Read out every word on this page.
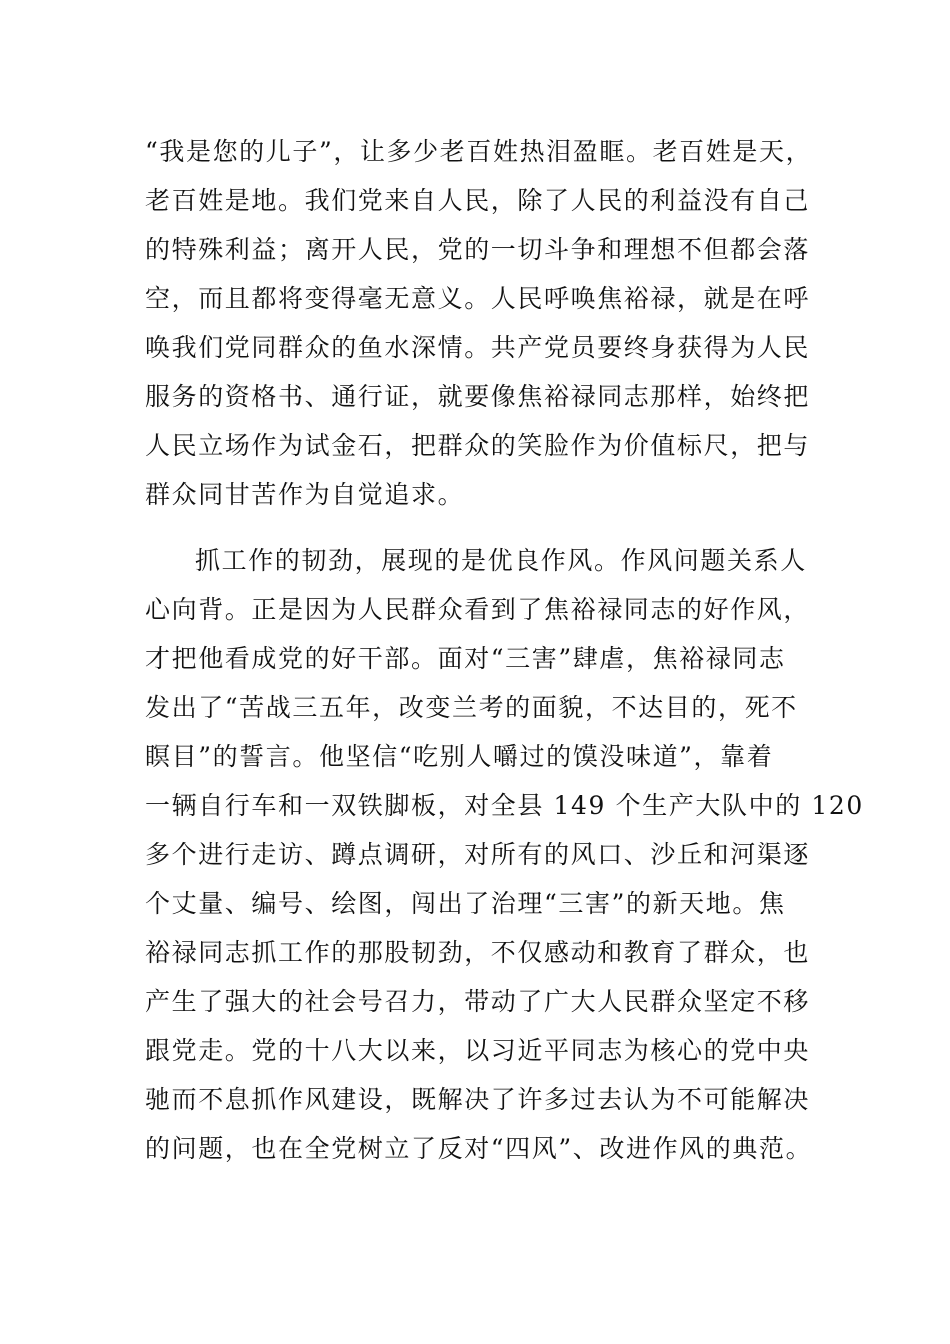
“我是您的儿子”，让多少老百姓热泪盈眶。老百姓是天，
老百姓是地。我们党来自人民，除了人民的利益没有自己
的特殊利益；离开人民，党的一切斗争和理想不但都会落
空，而且都将变得毫无意义。人民呼唤焦裕禄，就是在呼
唤我们党同群众的鱼水深情。共产党员要终身获得为人民
服务的资格书、通行证，就要像焦裕禄同志那样，始终把
人民立场作为试金石，把群众的笑脸作为价值标尺，把与
群众同甘苦作为自觉追求。
抓工作的韧劲，展现的是优良作风。作风问题关系人
心向背。正是因为人民群众看到了焦裕禄同志的好作风，
才把他看成党的好干部。面对“三害”肆虐，焦裕禄同志
发出了“苦战三五年，改变兰考的面貌，不达目的，死不
瞑目”的誓言。他坚信“吃别人嚼过的馍没味道”，靠着
一辆自行车和一双铁脚板，对全县 149 个生产大队中的 120
多个进行走访、蹲点调研，对所有的风口、沙丘和河渠逐
个丈量、编号、绘图，闯出了治理“三害”的新天地。焦
裕禄同志抓工作的那股韧劲，不仅感动和教育了群众，也
产生了强大的社会号召力，带动了广大人民群众坚定不移
跟党走。党的十八大以来，以习近平同志为核心的党中央
驰而不息抓作风建设，既解决了许多过去认为不可能解决
的问题，也在全党树立了反对“四风”、改进作风的典范。
